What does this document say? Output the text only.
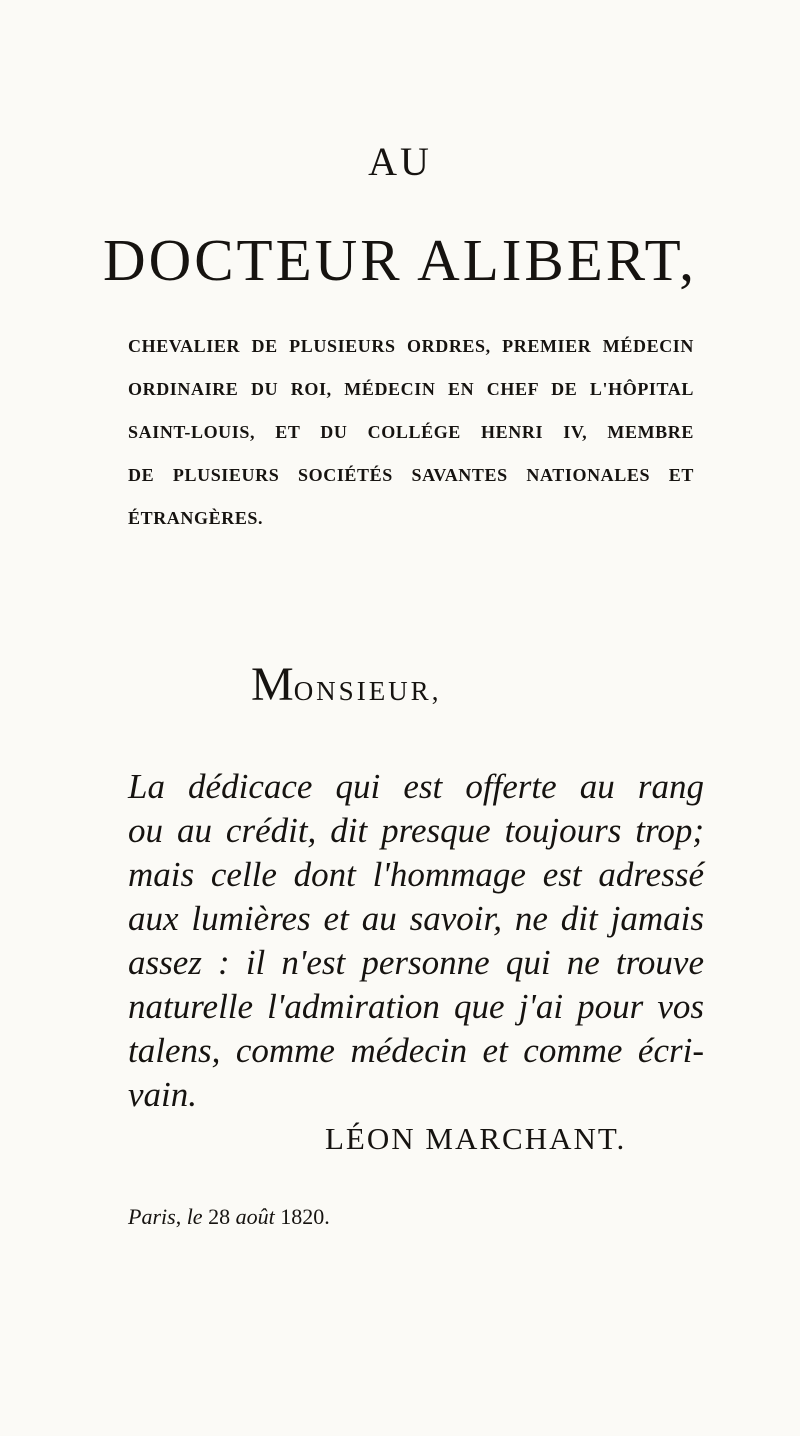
AU
DOCTEUR ALIBERT,
CHEVALIER DE PLUSIEURS ORDRES, PREMIER MÉDECIN
ORDINAIRE DU ROI, MÉDECIN EN CHEF DE L'HÔPITAL
SAINT-LOUIS, ET DU COLLÉGE HENRI IV, MEMBRE
DE PLUSIEURS SOCIÉTÉS SAVANTES NATIONALES ET
ÉTRANGÈRES.
MONSIEUR,
La dédicace qui est offerte au rang
ou au crédit, dit presque toujours trop;
mais celle dont l'hommage est adressé
aux lumières et au savoir, ne dit jamais
assez : il n'est personne qui ne trouve
naturelle l'admiration que j'ai pour vos
talens, comme médecin et comme écri-
vain.
LÉON MARCHANT.
Paris, le 28 août 1820.
